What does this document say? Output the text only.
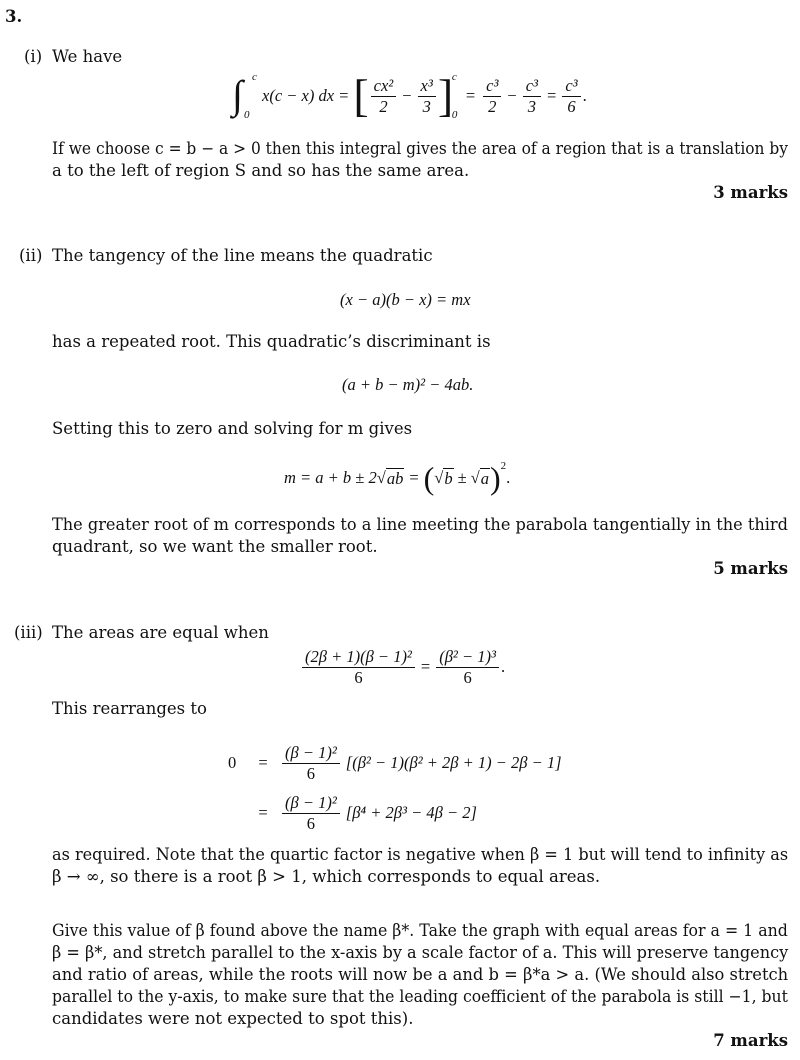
3.
(i) We have
∫ c
0
x(c − x) dx = [ $\frac{\text{cx²}}{2} - \frac{\text{x³}}{3}$ ]
c
0
= $\frac{\text{c³}}{2} - \frac{\text{c³}}{3} = \frac{\text{c³}}{6}$ .
If we choose c = b − a > 0 then this integral gives the area of a region that is a translation by
a to the left of region S and so has the same area.
3 marks
(ii) The tangency of the line means the quadratic
(x − a)(b − x) = mx
has a repeated root. This quadratic’s discriminant is
(a + b − m)² − 4ab.
Setting this to zero and solving for m gives
m = a + b ± 2 √ ab = ( √ b ± √ a ) 2
.
The greater root of m corresponds to a line meeting the parabola tangentially in the third
quadrant, so we want the smaller root.
5 marks
(iii) The areas are equal when
$\frac{\text{(2β + 1)(β − 1)²}}{6} = \frac{\text{(β² − 1)³}}{6}$ .
This rearranges to
0	= $\frac{\text{(β − 1)²}}{6} [(\beta^2 - 1)(\beta^2 + 2\beta + 1) - 2\beta - 1]$
= $\frac{\text{(β − 1)²}}{6} [\beta^4 + 2\beta^3 - 4\beta - 2]$
as required. Note that the quartic factor is negative when β = 1 but will tend to infinity as
β → ∞, so there is a root β > 1, which corresponds to equal areas.
Give this value of β found above the name β*. Take the graph with equal areas for a = 1 and
β = β*, and stretch parallel to the x-axis by a scale factor of a. This will preserve tangency
and ratio of areas, while the roots will now be a and b = β*a > a. (We should also stretch
parallel to the y-axis, to make sure that the leading coefficient of the parabola is still −1, but
candidates were not expected to spot this).
7 marks
